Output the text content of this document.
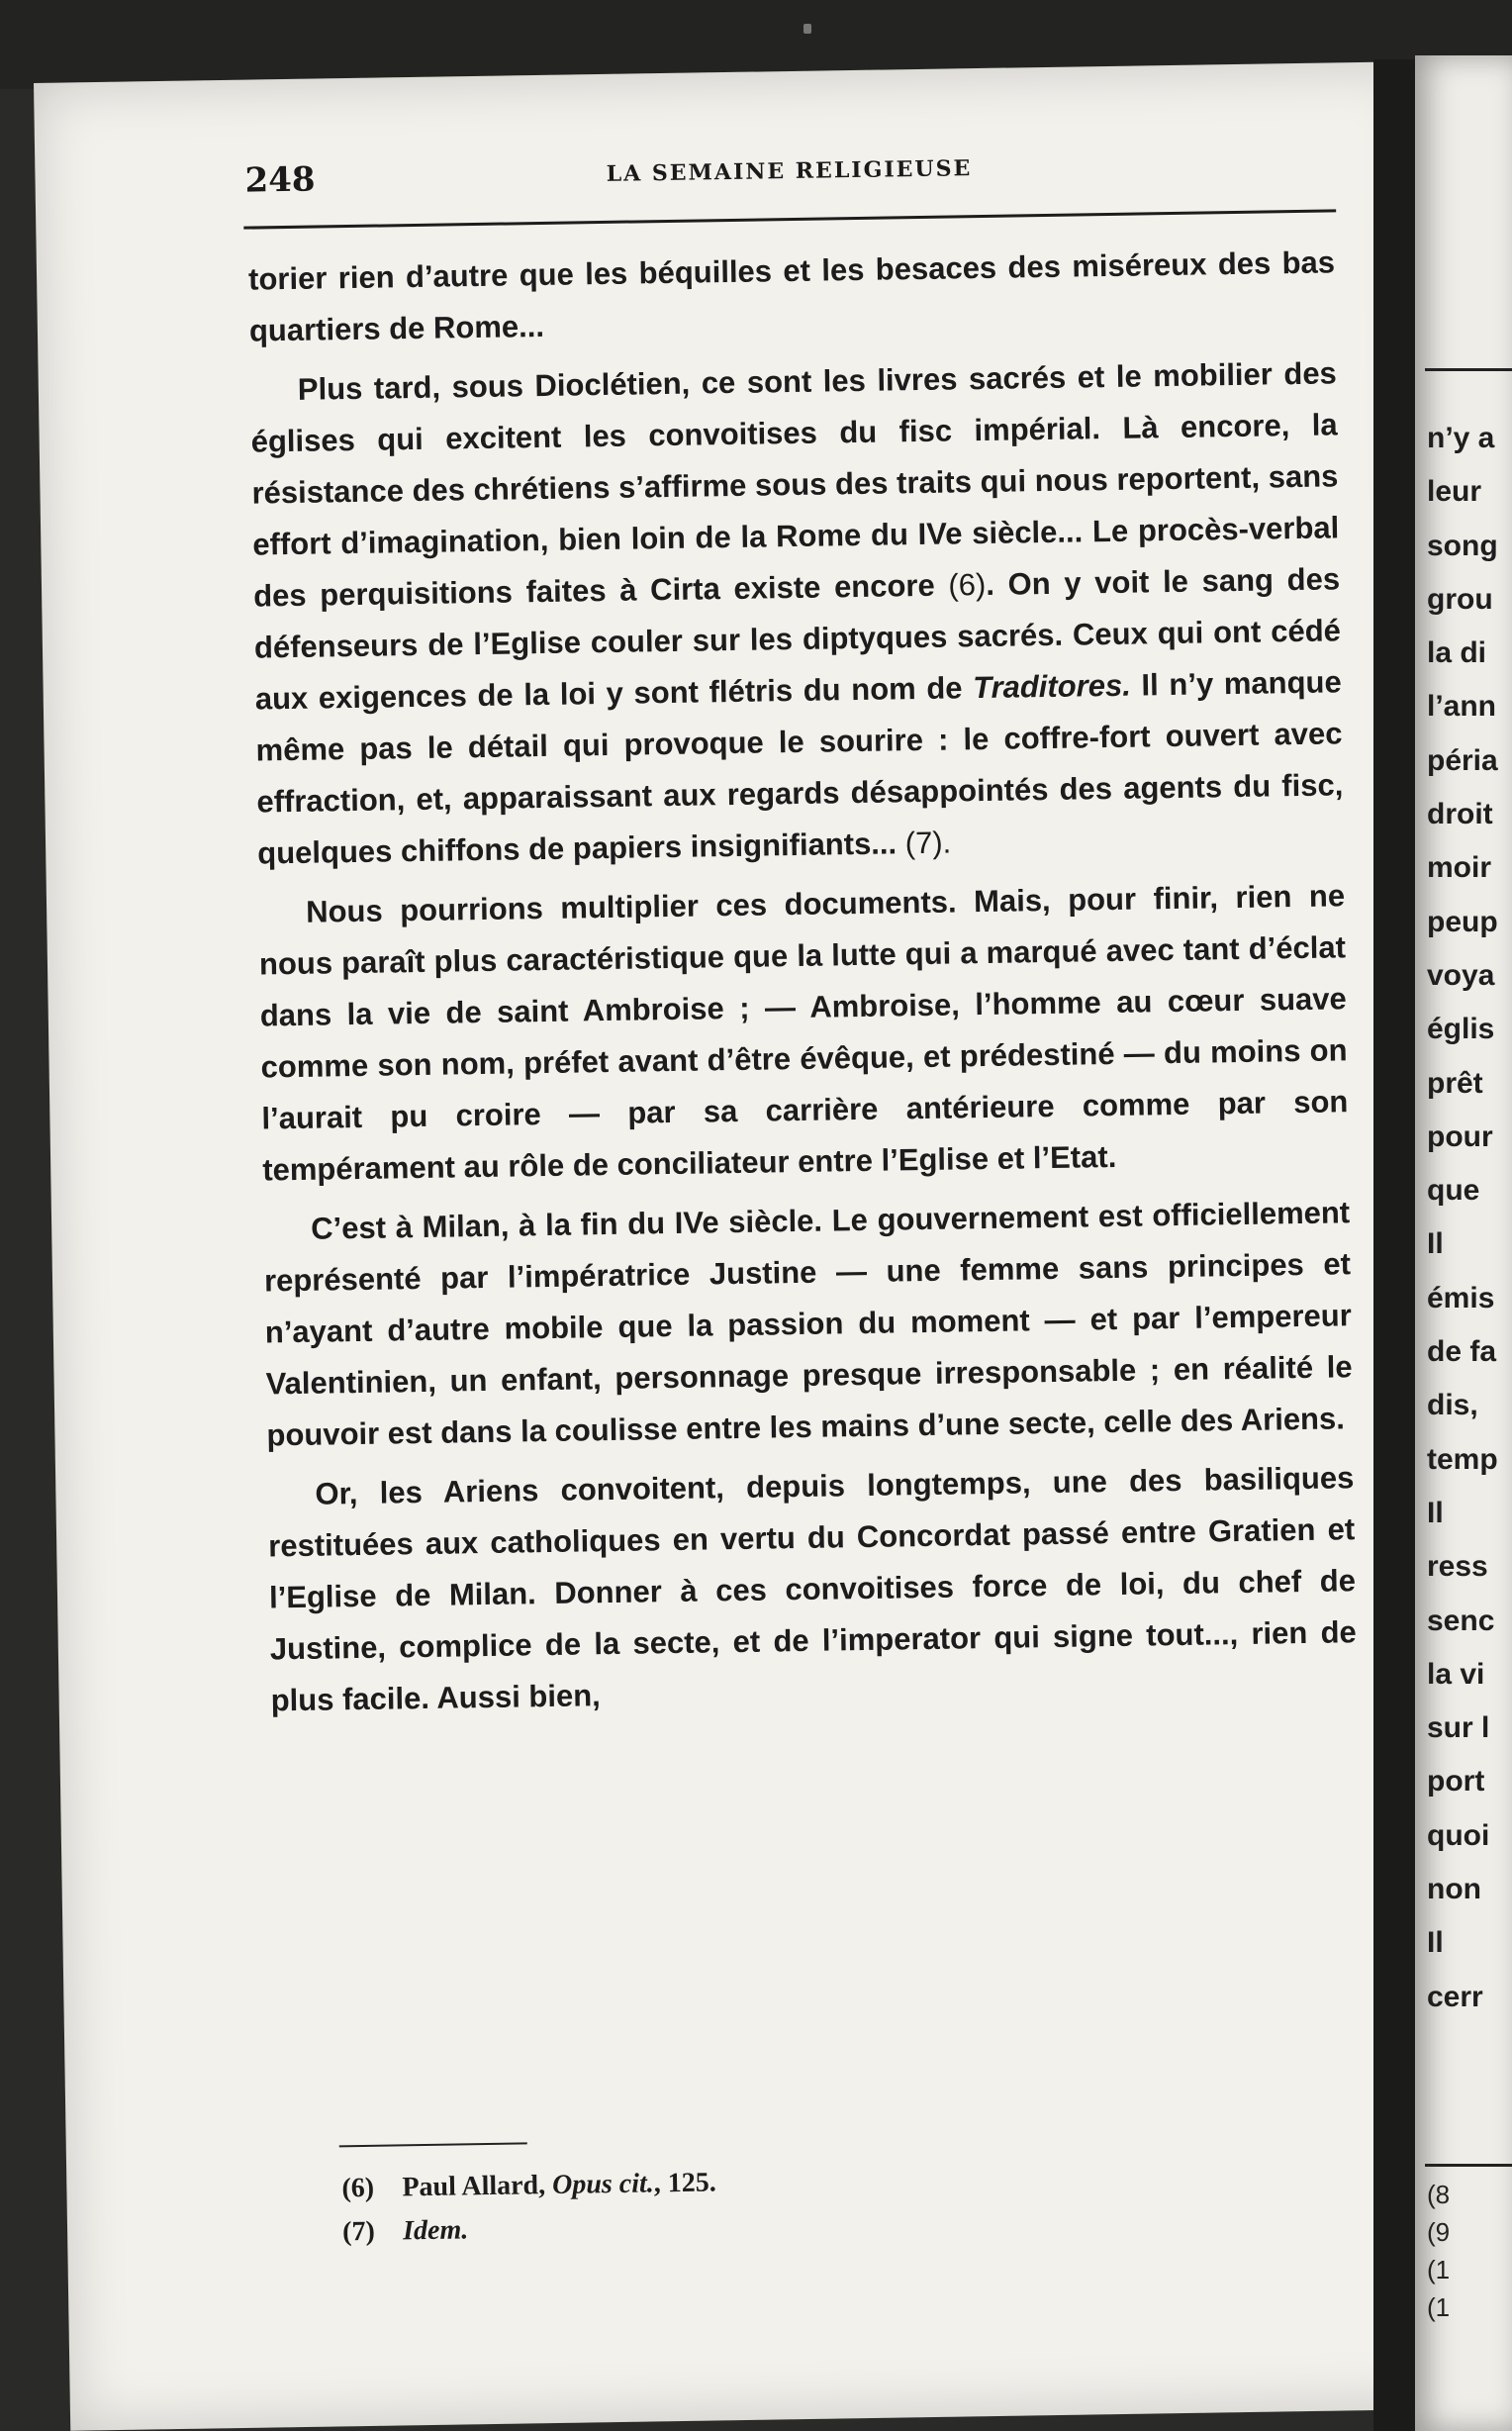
248	LA SEMAINE RELIGIEUSE

torier rien d’autre que les béquilles et les besaces des miséreux des bas quartiers de Rome...

Plus tard, sous Dioclétien, ce sont les livres sacrés et le mobilier des églises qui excitent les convoitises du fisc impérial. Là encore, la résistance des chrétiens s’affirme sous des traits qui nous reportent, sans effort d’imagination, bien loin de la Rome du IVe siècle... Le procès-verbal des perquisitions faites à Cirta existe encore (6). On y voit le sang des défenseurs de l’Eglise couler sur les diptyques sacrés. Ceux qui ont cédé aux exigences de la loi y sont flétris du nom de Traditores. Il n’y manque même pas le détail qui provoque le sourire : le coffre-fort ouvert avec effraction, et, apparaissant aux regards désappointés des agents du fisc, quelques chiffons de papiers insignifiants... (7).

Nous pourrions multiplier ces documents. Mais, pour finir, rien ne nous paraît plus caractéristique que la lutte qui a marqué avec tant d’éclat dans la vie de saint Ambroise ; — Ambroise, l’homme au cœur suave comme son nom, préfet avant d’être évêque, et prédestiné — du moins on l’aurait pu croire — par sa carrière antérieure comme par son tempérament au rôle de conciliateur entre l’Eglise et l’Etat.

C’est à Milan, à la fin du IVe siècle. Le gouvernement est officiellement représenté par l’impératrice Justine — une femme sans principes et n’ayant d’autre mobile que la passion du moment — et par l’empereur Valentinien, un enfant, personnage presque irresponsable ; en réalité le pouvoir est dans la coulisse entre les mains d’une secte, celle des Ariens.

Or, les Ariens convoitent, depuis longtemps, une des basiliques restituées aux catholiques en vertu du Concordat passé entre Gratien et l’Eglise de Milan. Donner à ces convoitises force de loi, du chef de Justine, complice de la secte, et de l’imperator qui signe tout..., rien de plus facile. Aussi bien,

(6) Paul Allard, Opus cit., 125.
(7) Idem.
n’y a
leur
song
grou
la di
l’ann
péria
droit
moir
peup
voya
églis
prêt
pour
que
Il
émis
de fa
dis,
temp
Il
ress
senc
la vi
sur l
port
quoi
non
Il
cerr
(8
(9
(1
(1
